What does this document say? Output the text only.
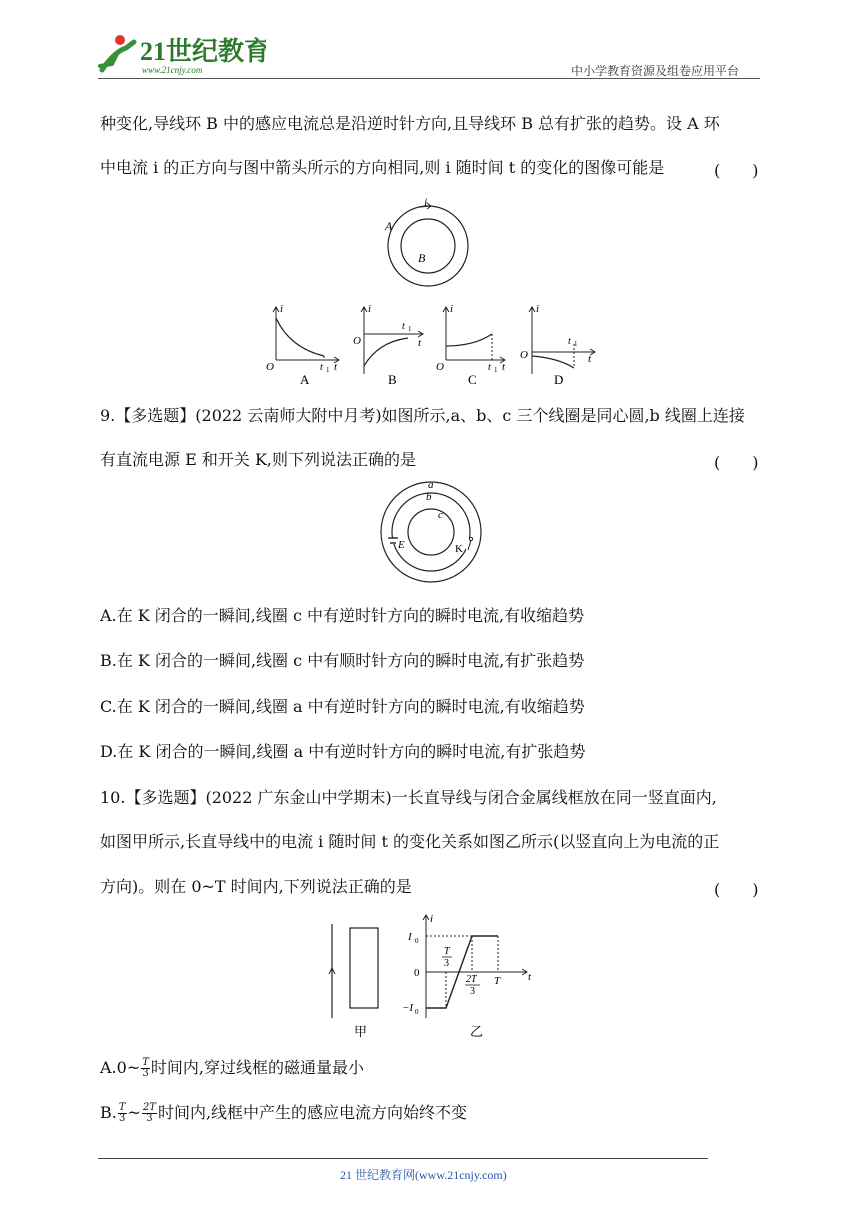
21世纪教育
www.21cnjy.com	中小学教育资源及组卷应用平台
种变化,导线环 B 中的感应电流总是沿逆时针方向,且导线环 B 总有扩张的趋势。设 A 环
中电流 i 的正方向与图中箭头所示的方向相同,则 i 随时间 t 的变化的图像可能是	(　　)
i
A
B
i
O	t 1 t
A
i
O
t 1
t
B
i
O	t 1 t
C
i
O
t 1
t
D
9.【多选题】(2022 云南师大附中月考)如图所示,a、b、c 三个线圈是同心圆,b 线圈上连接
有直流电源 E 和开关 K,则下列说法正确的是	(　　)
a
b
c
E	K
A.在 K 闭合的一瞬间,线圈 c 中有逆时针方向的瞬时电流,有收缩趋势
B.在 K 闭合的一瞬间,线圈 c 中有顺时针方向的瞬时电流,有扩张趋势
C.在 K 闭合的一瞬间,线圈 a 中有逆时针方向的瞬时电流,有收缩趋势
D.在 K 闭合的一瞬间,线圈 a 中有逆时针方向的瞬时电流,有扩张趋势
10.【多选题】(2022 广东金山中学期末)一长直导线与闭合金属线框放在同一竖直面内,
如图甲所示,长直导线中的电流 i 随时间 t 的变化关系如图乙所示(以竖直向上为电流的正
方向)。则在 0~T 时间内,下列说法正确的是	(　　)
甲
i
t
I 0
0
−I 0
T
3
2T
3
T
乙
A.0~ $\frac{T}{3}$ 时间内,穿过线框的磁通量最小
B. $\frac{T}{3}$ ~ $\frac{2T}{3}$ 时间内,线框中产生的感应电流方向始终不变
21 世纪教育网(www.21cnjy.com)
